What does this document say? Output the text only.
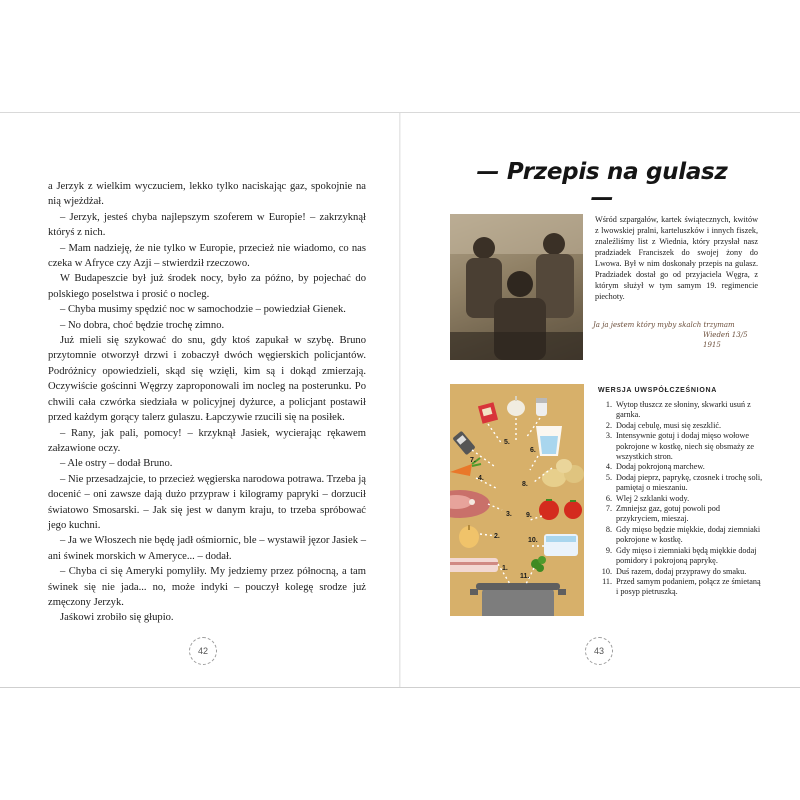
a Jerzyk z wielkim wyczuciem, lekko tylko naciskając gaz, spokojnie na nią wjeżdżał.

– Jerzyk, jesteś chyba najlepszym szoferem w Europie! – zakrzyknął któryś z nich.

– Mam nadzieję, że nie tylko w Europie, przecież nie wiadomo, co nas czeka w Afryce czy Azji – stwierdził rzeczowo.

W Budapeszcie był już środek nocy, było za późno, by pojechać do polskiego poselstwa i prosić o nocleg.

– Chyba musimy spędzić noc w samochodzie – powiedział Gienek.

– No dobra, choć będzie trochę zimno.

Już mieli się szykować do snu, gdy ktoś zapukał w szybę. Bruno przytomnie otworzył drzwi i zobaczył dwóch węgierskich policjantów. Podróżnicy opowiedzieli, skąd się wzięli, kim są i dokąd zmierzają. Oczywiście gościnni Węgrzy zaproponowali im nocleg na posterunku. Po chwili cała czwórka siedziała w policyjnej dyżurce, a policjant postawił przed każdym gorący talerz gulaszu. Łapczywie rzucili się na posiłek.

– Rany, jak pali, pomocy! – krzyknął Jasiek, wycierając rękawem załzawione oczy.

– Ale ostry – dodał Bruno.

– Nie przesadzajcie, to przecież węgierska narodowa potrawa. Trzeba ją docenić – oni zawsze dają dużo przypraw i kilogramy papryki – dorzucił światowo Smosarski. – Jak się jest w danym kraju, to trzeba spróbować jego kuchni.

– Ja we Włoszech nie będę jadł ośmiornic, ble – wystawił jęzor Jasiek – ani świnek morskich w Ameryce... – dodał.

– Chyba ci się Ameryki pomyliły. My jedziemy przez północną, a tam świnek się nie jada... no, może indyki – pouczył kolegę srodze już zmęczony Jerzyk.

Jaśkowi zrobiło się głupio.

42
— Przepis na gulasz —
Wśród szpargałów, kartek świątecznych, kwitów z lwowskiej pralni, karteluszków i innych fiszek, znaleźliśmy list z Wiednia, który przysłał nasz pradziadek Franciszek do swojej żony do Lwowa. Był w nim doskonały przepis na gulasz. Pradziadek dostał go od przyjaciela Węgra, z którym służył w tym samym 19. regimencie piechoty.
Ja ja jestem który myby skalch trzymam
Wiedeń 13/5 1915
1.
2.
3.
4.
5.
6.
7.
8.
9.
10.
11.
WERSJA UWSPÓŁCZEŚNIONA
1. Wytop tłuszcz ze słoniny, skwarki usuń z garnka.
2. Dodaj cebulę, musi się zeszklić.
3. Intensywnie gotuj i dodaj mięso wołowe pokrojone w kostkę, niech się obsmaży ze wszystkich stron.
4. Dodaj pokrojoną marchew.
5. Dodaj pieprz, paprykę, czosnek i trochę soli, pamiętaj o mieszaniu.
6. Wlej 2 szklanki wody.
7. Zmniejsz gaz, gotuj powoli pod przykryciem, mieszaj.
8. Gdy mięso będzie miękkie, dodaj ziemniaki pokrojone w kostkę.
9. Gdy mięso i ziemniaki będą miękkie dodaj pomidory i pokrojoną paprykę.
10. Duś razem, dodaj przyprawy do smaku.
11. Przed samym podaniem, połącz ze śmietaną i posyp pietruszką.
43
